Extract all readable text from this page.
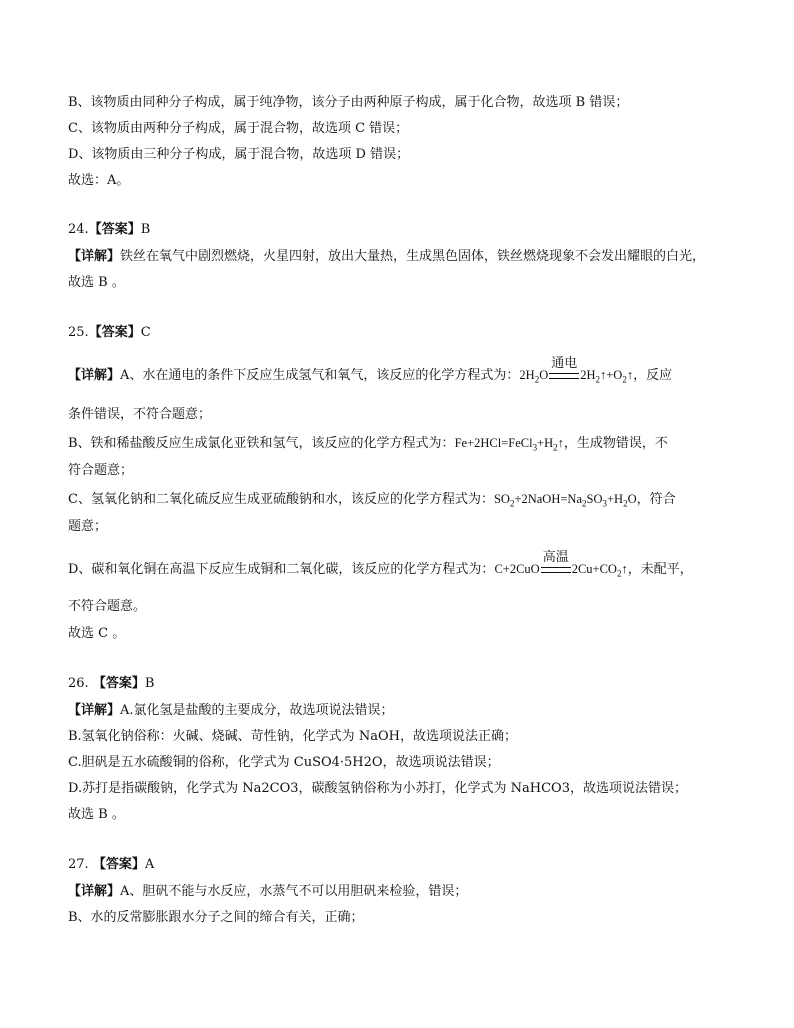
B、该物质由同种分子构成，属于纯净物，该分子由两种原子构成，属于化合物，故选项 B 错误；
C、该物质由两种分子构成，属于混合物，故选项 C 错误；
D、该物质由三种分子构成，属于混合物，故选项 D 错误；
故选：A。
24.【答案】B
【详解】铁丝在氧气中剧烈燃烧，火星四射，放出大量热，生成黑色固体，铁丝燃烧现象不会发出耀眼的白光，
故选 B 。
25.【答案】C
【详解】A、水在通电的条件下反应生成氢气和氧气，该反应的化学方程式为：$2H_2O$
通电
$2H_2↑+O_2↑$，反应
条件错误，不符合题意；
B、铁和稀盐酸反应生成氯化亚铁和氢气，该反应的化学方程式为：$Fe+2HCl=FeCl_3+H_2↑$，生成物错误，不
符合题意；
C、氢氧化钠和二氧化硫反应生成亚硫酸钠和水，该反应的化学方程式为：$SO_2+2NaOH=Na_2SO_3+H_2O$，符合
题意；
D、碳和氧化铜在高温下反应生成铜和二氧化碳，该反应的化学方程式为：C+2CuO
高温
$2Cu+CO_2↑$，未配平，
不符合题意。
故选 C 。
26. 【答案】B
【详解】A.氯化氢是盐酸的主要成分，故选项说法错误；
B.氢氧化钠俗称：火碱、烧碱、苛性钠，化学式为 NaOH，故选项说法正确；
C.胆矾是五水硫酸铜的俗称，化学式为 CuSO4·5H2O，故选项说法错误；
D.苏打是指碳酸钠，化学式为 Na2CO3，碳酸氢钠俗称为小苏打，化学式为 NaHCO3，故选项说法错误；
故选 B 。
27. 【答案】A
【详解】A、胆矾不能与水反应，水蒸气不可以用胆矾来检验，错误；
B、水的反常膨胀跟水分子之间的缔合有关，正确；
